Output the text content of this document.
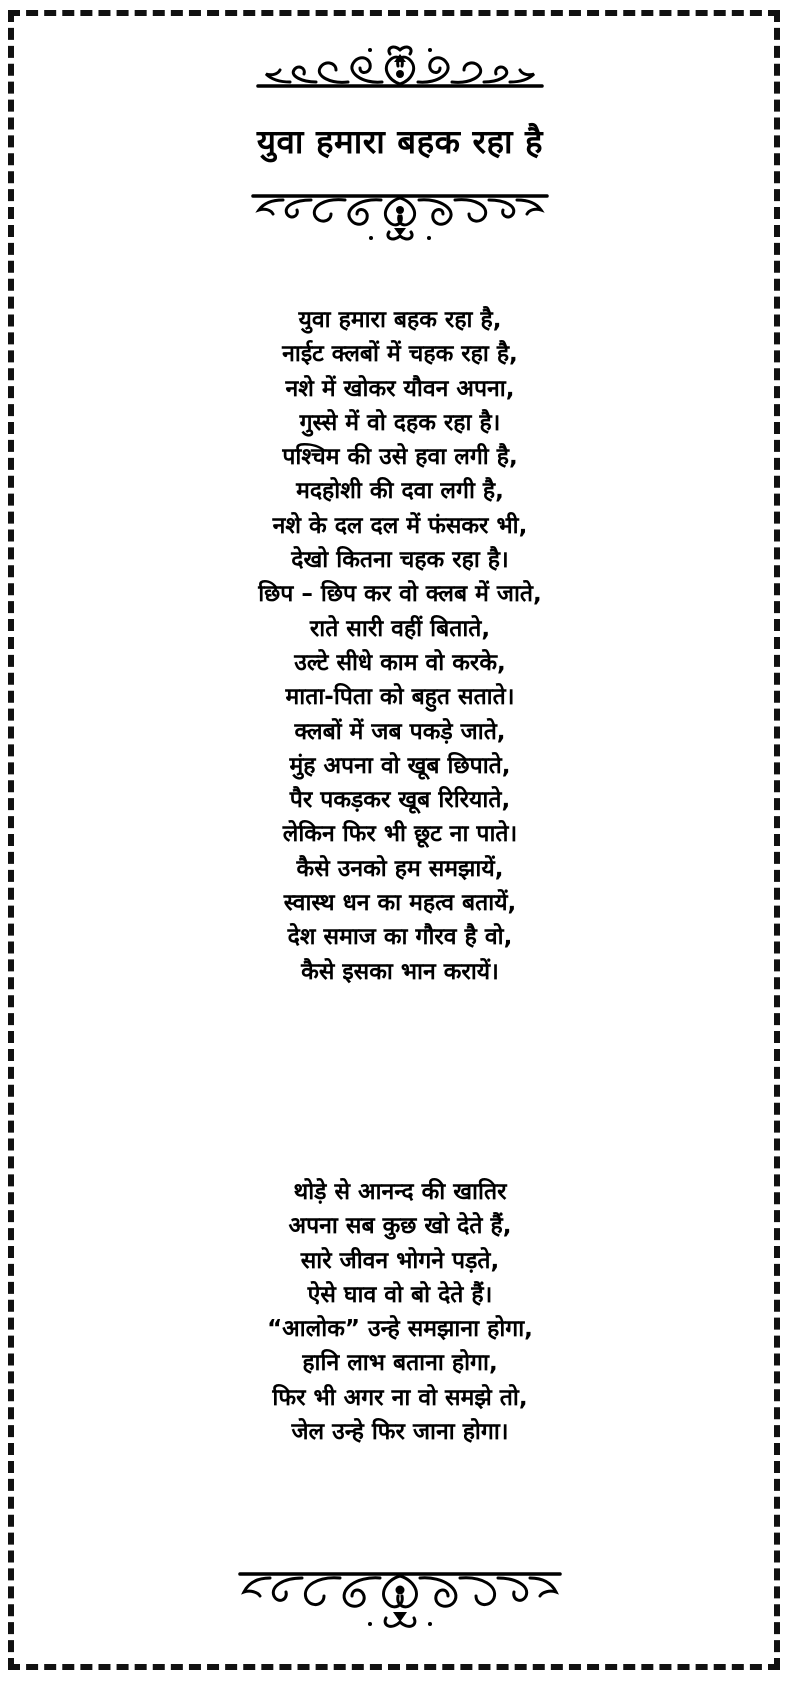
युवा हमारा बहक रहा है
युवा हमारा बहक रहा है,
नाईट क्लबों में चहक रहा है,
नशे में खोकर यौवन अपना,
गुस्से में वो दहक रहा है।
पश्चिम की उसे हवा लगी है,
मदहोशी की दवा लगी है,
नशे के दल दल में फंसकर भी,
देखो कितना चहक रहा है।
छिप – छिप कर वो क्लब में जाते,
राते सारी वहीं बिताते,
उल्टे सीधे काम वो करके,
माता-पिता को बहुत सताते।
क्लबों में जब पकड़े जाते,
मुंह अपना वो खूब छिपाते,
पैर पकड़कर खूब रिरियाते,
लेकिन फिर भी छूट ना पाते।
कैसे उनको हम समझायें,
स्वास्थ धन का महत्व बतायें,
देश समाज का गौरव है वो,
कैसे इसका भान करायें।
थोड़े से आनन्द की खातिर
अपना सब कुछ खो देते हैं,
सारे जीवन भोगने पड़ते,
ऐसे घाव वो बो देते हैं।
“आलोक” उन्हे समझाना होगा,
हानि लाभ बताना होगा,
फिर भी अगर ना वो समझे तो,
जेल उन्हे फिर जाना होगा।
